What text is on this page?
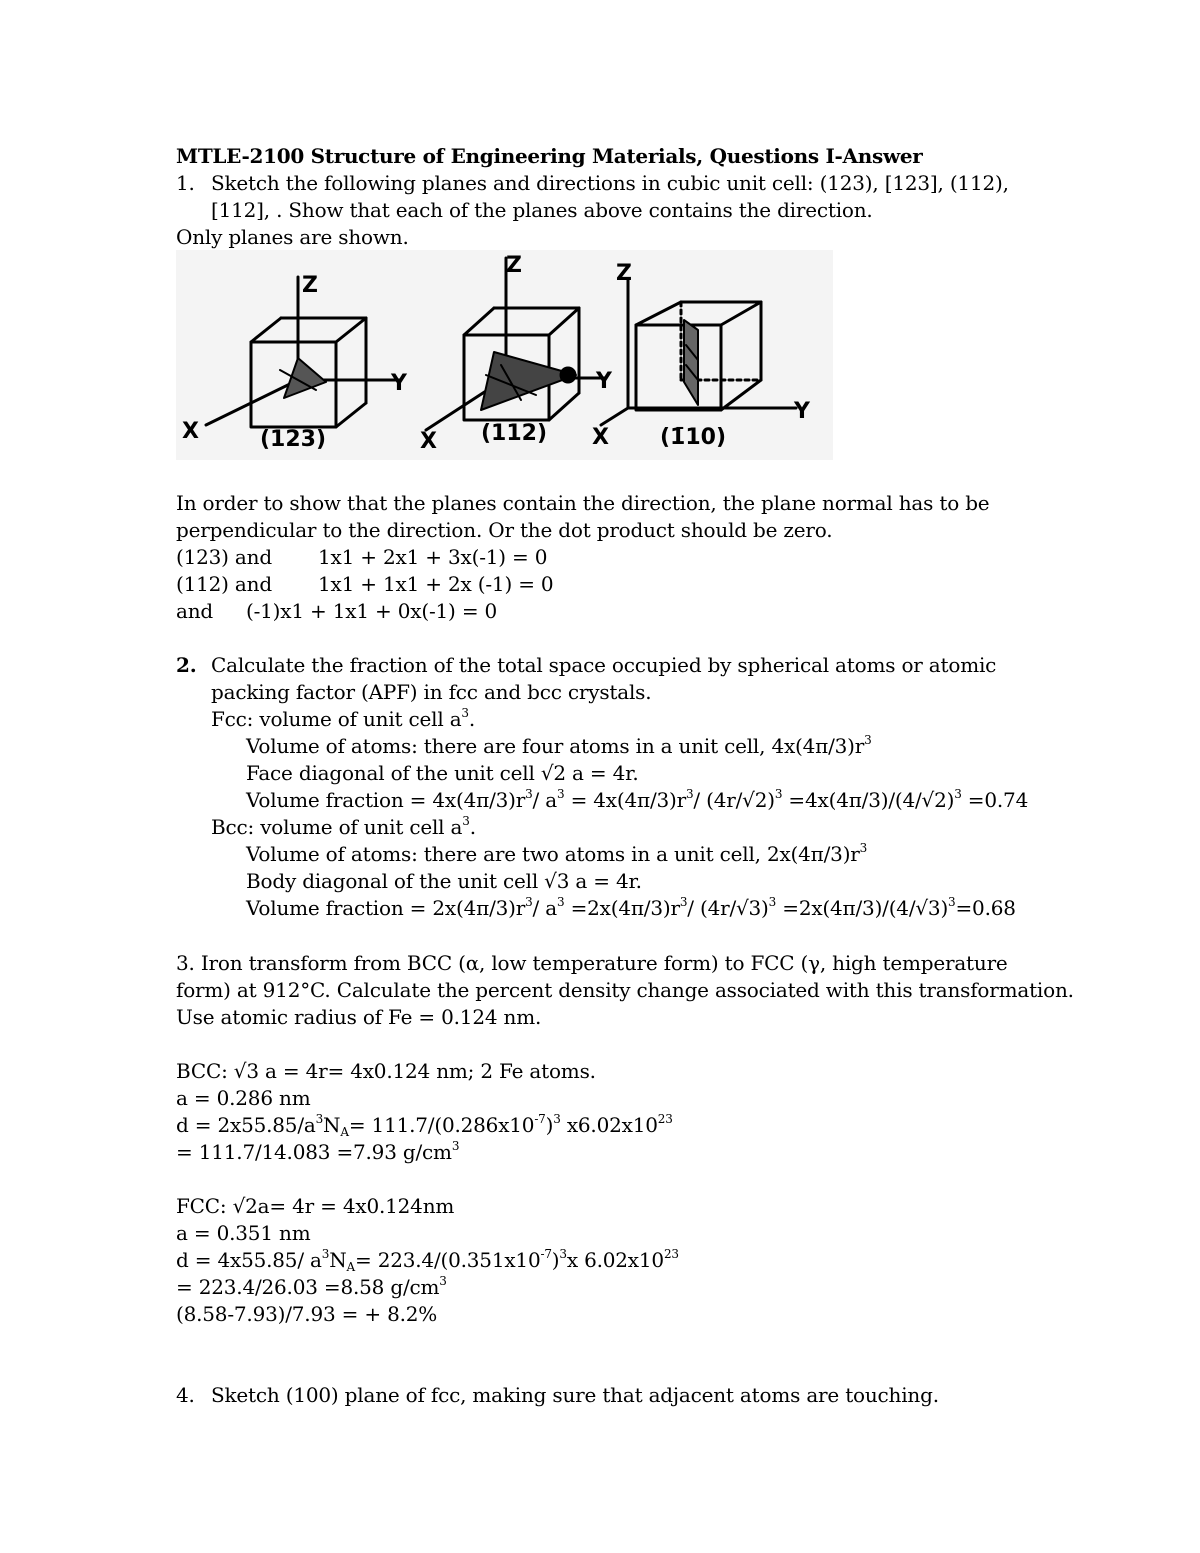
MTLE-2100 Structure of Engineering Materials, Questions I-Answer
1. Sketch the following planes and directions in cubic unit cell: (123), [123], (112),
[112], . Show that each of the planes above contains the direction.
Only planes are shown.
Z
Y
X	(123)
Z
Y
X (112)
Z
Y
X (1̄10)
In order to show that the planes contain the direction, the plane normal has to be
perpendicular to the direction. Or the dot product should be zero.
(123) and 1x1 + 2x1 + 3x(-1) = 0
(112) and 1x1 + 1x1 + 2x (-1) = 0
and (-1)x1 + 1x1 + 0x(-1) = 0
2. Calculate the fraction of the total space occupied by spherical atoms or atomic
packing factor (APF) in fcc and bcc crystals.
Fcc: volume of unit cell $a^3$.
Volume of atoms: there are four atoms in a unit cell, $4x(4\pi/3)r^3$
Face diagonal of the unit cell √2 a = 4r.
Volume fraction = $4x(4\pi/3)r^3/$ $a^3 = 4x(4\pi/3)r^3/$ $(4r/√2)^3 =4x(4\pi/3)/(4/√2)^3 =0.74$
Bcc: volume of unit cell $a^3$.
Volume of atoms: there are two atoms in a unit cell, $2x(4\pi/3)r^3$
Body diagonal of the unit cell √3 a = 4r.
Volume fraction = $2x(4\pi/3)r^3/$ $a^3 =2x(4\pi/3)r^3/$ $(4r/√3)^3 =2x(4\pi/3)/(4/√3)^3=0.68$
3. Iron transform from BCC (α, low temperature form) to FCC (γ, high temperature
form) at 912°C. Calculate the percent density change associated with this transformation.
Use atomic radius of Fe = 0.124 nm.
BCC: √3 a = 4r= 4x0.124 nm; 2 Fe atoms.
a = 0.286 nm
$d = 2x55.85/a^3N_A= 111.7/(0.286x10^{-7})^3$ $x6.02x10^{23}$
= 111.7/14.083 =7.93 $g/cm^3$
FCC: √2a= 4r = 4x0.124nm
a = 0.351 nm
d = 4x55.85/ $a^3N_A= 223.4/(0.351x10^{-7})^3x$ $6.02x10^{23}$
= 223.4/26.03 =8.58 $g/cm^3$
(8.58-7.93)/7.93 = + 8.2%
4. Sketch (100) plane of fcc, making sure that adjacent atoms are touching.
